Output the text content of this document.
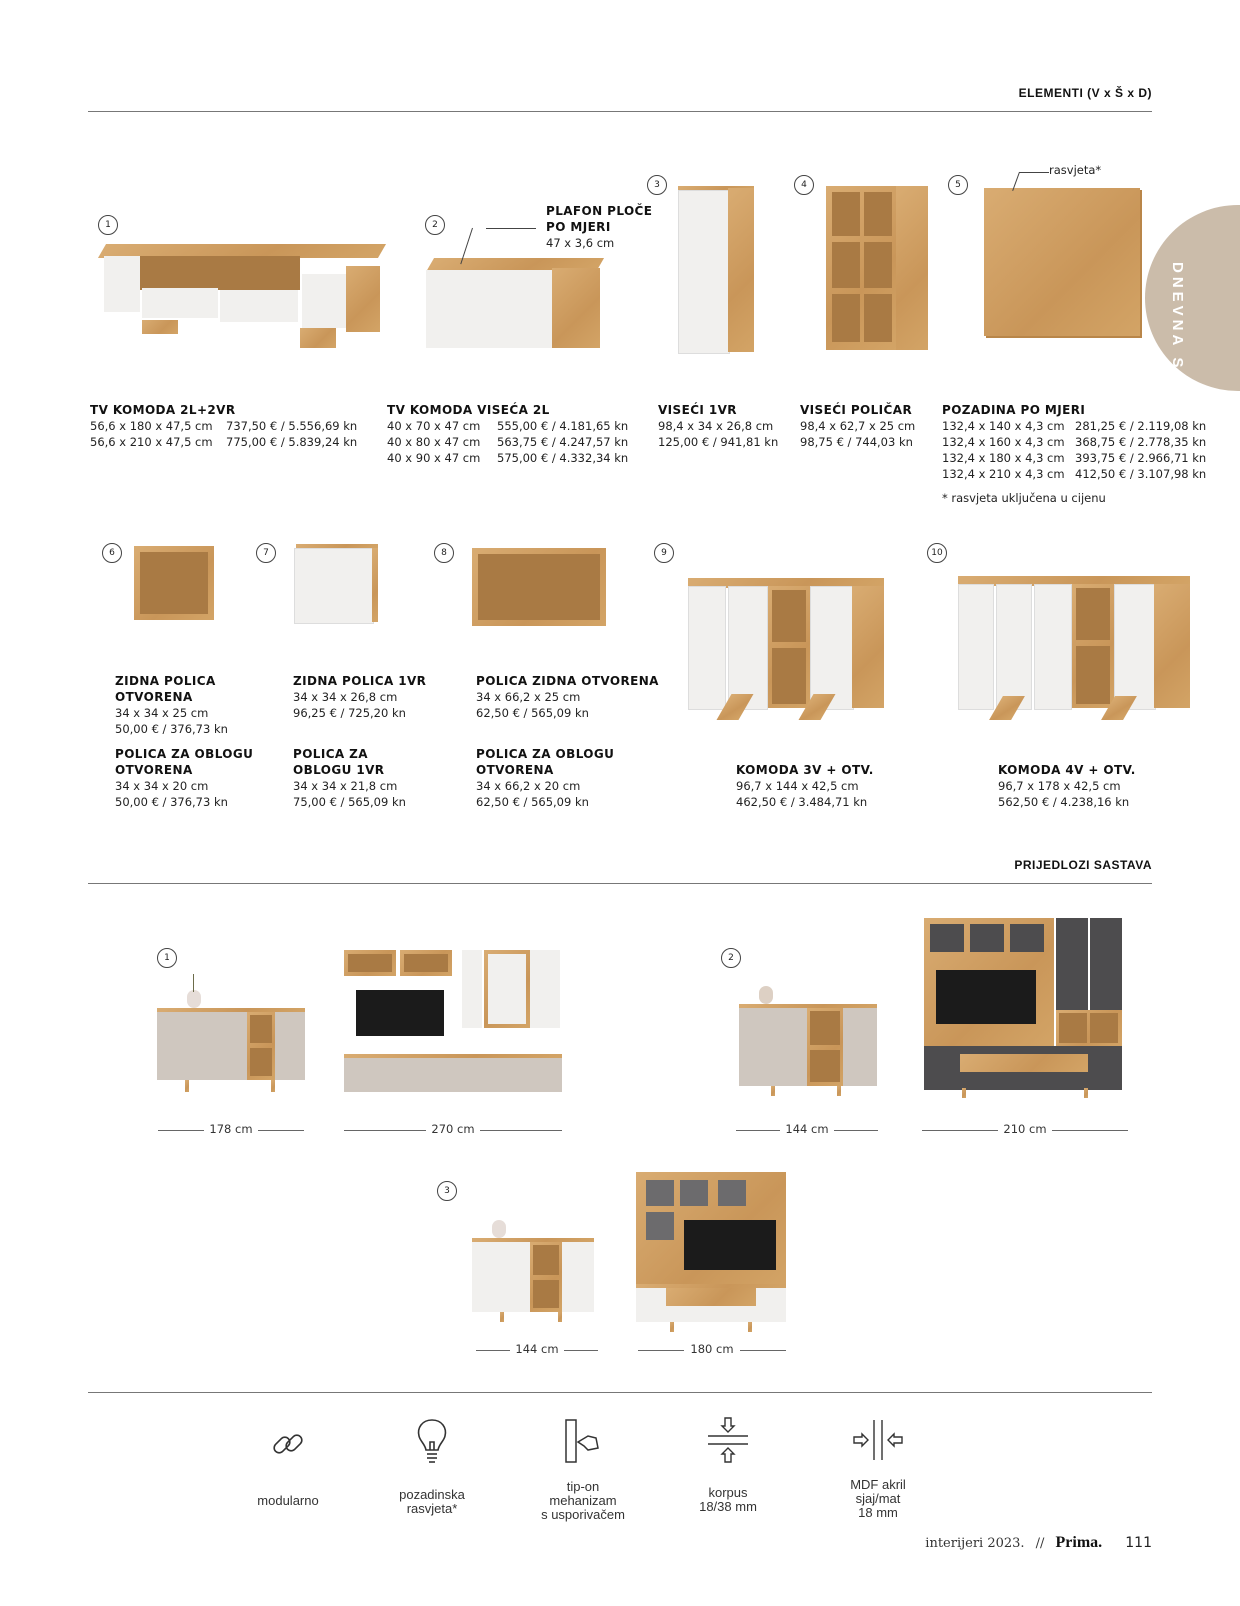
ELEMENTI (V x Š x D)
DNEVNA SOBA
1	2
PLAFON PLOČE
PO MJERI
47 x 3,6 cm
3	4	5
rasvjeta*
TV KOMODA 2L+2VR
56,6 x 180 x 47,5 cm 737,50 € / 5.556,69 kn
56,6 x 210 x 47,5 cm 775,00 € / 5.839,24 kn
TV KOMODA VISEĆA 2L
40 x 70 x 47 cm 555,00 € / 4.181,65 kn
40 x 80 x 47 cm 563,75 € / 4.247,57 kn
40 x 90 x 47 cm 575,00 € / 4.332,34 kn
VISEĆI 1VR
98,4 x 34 x 26,8 cm
125,00 € / 941,81 kn
VISEĆI POLIČAR
98,4 x 62,7 x 25 cm
98,75 € / 744,03 kn
POZADINA PO MJERI
132,4 x 140 x 4,3 cm 281,25 € / 2.119,08 kn
132,4 x 160 x 4,3 cm 368,75 € / 2.778,35 kn
132,4 x 180 x 4,3 cm 393,75 € / 2.966,71 kn
132,4 x 210 x 4,3 cm 412,50 € / 3.107,98 kn
* rasvjeta uključena u cijenu
6	7	8	9	10
ZIDNA POLICA
OTVORENA
34 x 34 x 25 cm
50,00 € / 376,73 kn
POLICA ZA OBLOGU
OTVORENA
34 x 34 x 20 cm
50,00 € / 376,73 kn
ZIDNA POLICA 1VR
34 x 34 x 26,8 cm
96,25 € / 725,20 kn
POLICA ZA
OBLOGU 1VR
34 x 34 x 21,8 cm
75,00 € / 565,09 kn
POLICA ZIDNA OTVORENA
34 x 66,2 x 25 cm
62,50 € / 565,09 kn
POLICA ZA OBLOGU
OTVORENA
34 x 66,2 x 20 cm
62,50 € / 565,09 kn
KOMODA 3V + OTV.
96,7 x 144 x 42,5 cm
462,50 € / 3.484,71 kn
KOMODA 4V + OTV.
96,7 x 178 x 42,5 cm
562,50 € / 4.238,16 kn
PRIJEDLOZI SASTAVA
1	2
3
178 cm	270 cm	144 cm	210 cm
144 cm	180 cm
modularno	pozadinska
rasvjeta*
tip-on
mehanizam
s usporivačem
korpus
18/38 mm
MDF akril
sjaj/mat
18 mm
interijeri 2023. // Prima. 111
